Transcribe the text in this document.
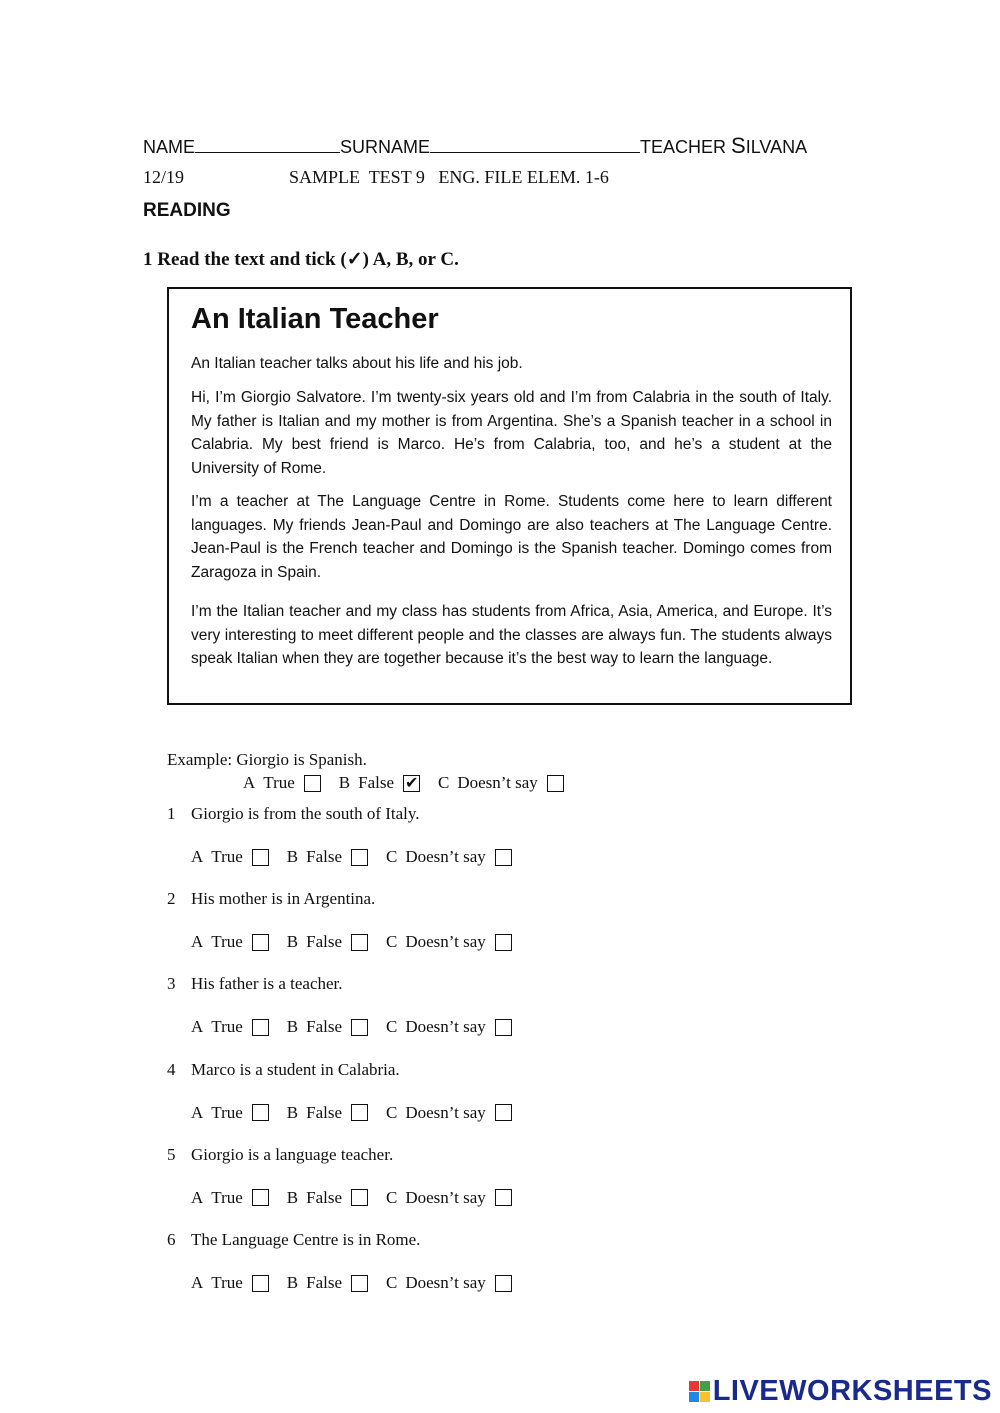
NAME	SURNAME	TEACHER SILVANA
12/19	SAMPLE  TEST 9   ENG. FILE ELEM. 1-6
READING
1 Read the text and tick (✓) A, B, or C.
An Italian Teacher
An Italian teacher talks about his life and his job.

Hi, I’m Giorgio Salvatore. I’m twenty-six years old and I’m from Calabria in the south of Italy. My father is Italian and my mother is from Argentina. She’s a Spanish teacher in a school in Calabria. My best friend is Marco. He’s from Calabria, too, and he’s a student at the University of Rome.

I’m a teacher at The Language Centre in Rome. Students come here to learn different languages. My friends Jean-Paul and Domingo are also teachers at The Language Centre. Jean-Paul is the French teacher and Domingo is the Spanish teacher. Domingo comes from Zaragoza in Spain.

I’m the Italian teacher and my class has students from Africa, Asia, America, and Europe. It’s very interesting to meet different people and the classes are always fun. The students always speak Italian when they are together because it’s the best way to learn the language.

Example: Giorgio is Spanish.
A True	B False
✔	C Doesn’t say
1 Giorgio is from the south of Italy.
A True	B False	C Doesn’t say
2 His mother is in Argentina.
A True	B False	C Doesn’t say
3 His father is a teacher.
A True	B False	C Doesn’t say
4 Marco is a student in Calabria.
A True	B False	C Doesn’t say
5 Giorgio is a language teacher.
A True	B False	C Doesn’t say
6 The Language Centre is in Rome.
A True	B False	C Doesn’t say
LIVEWORKSHEETS
